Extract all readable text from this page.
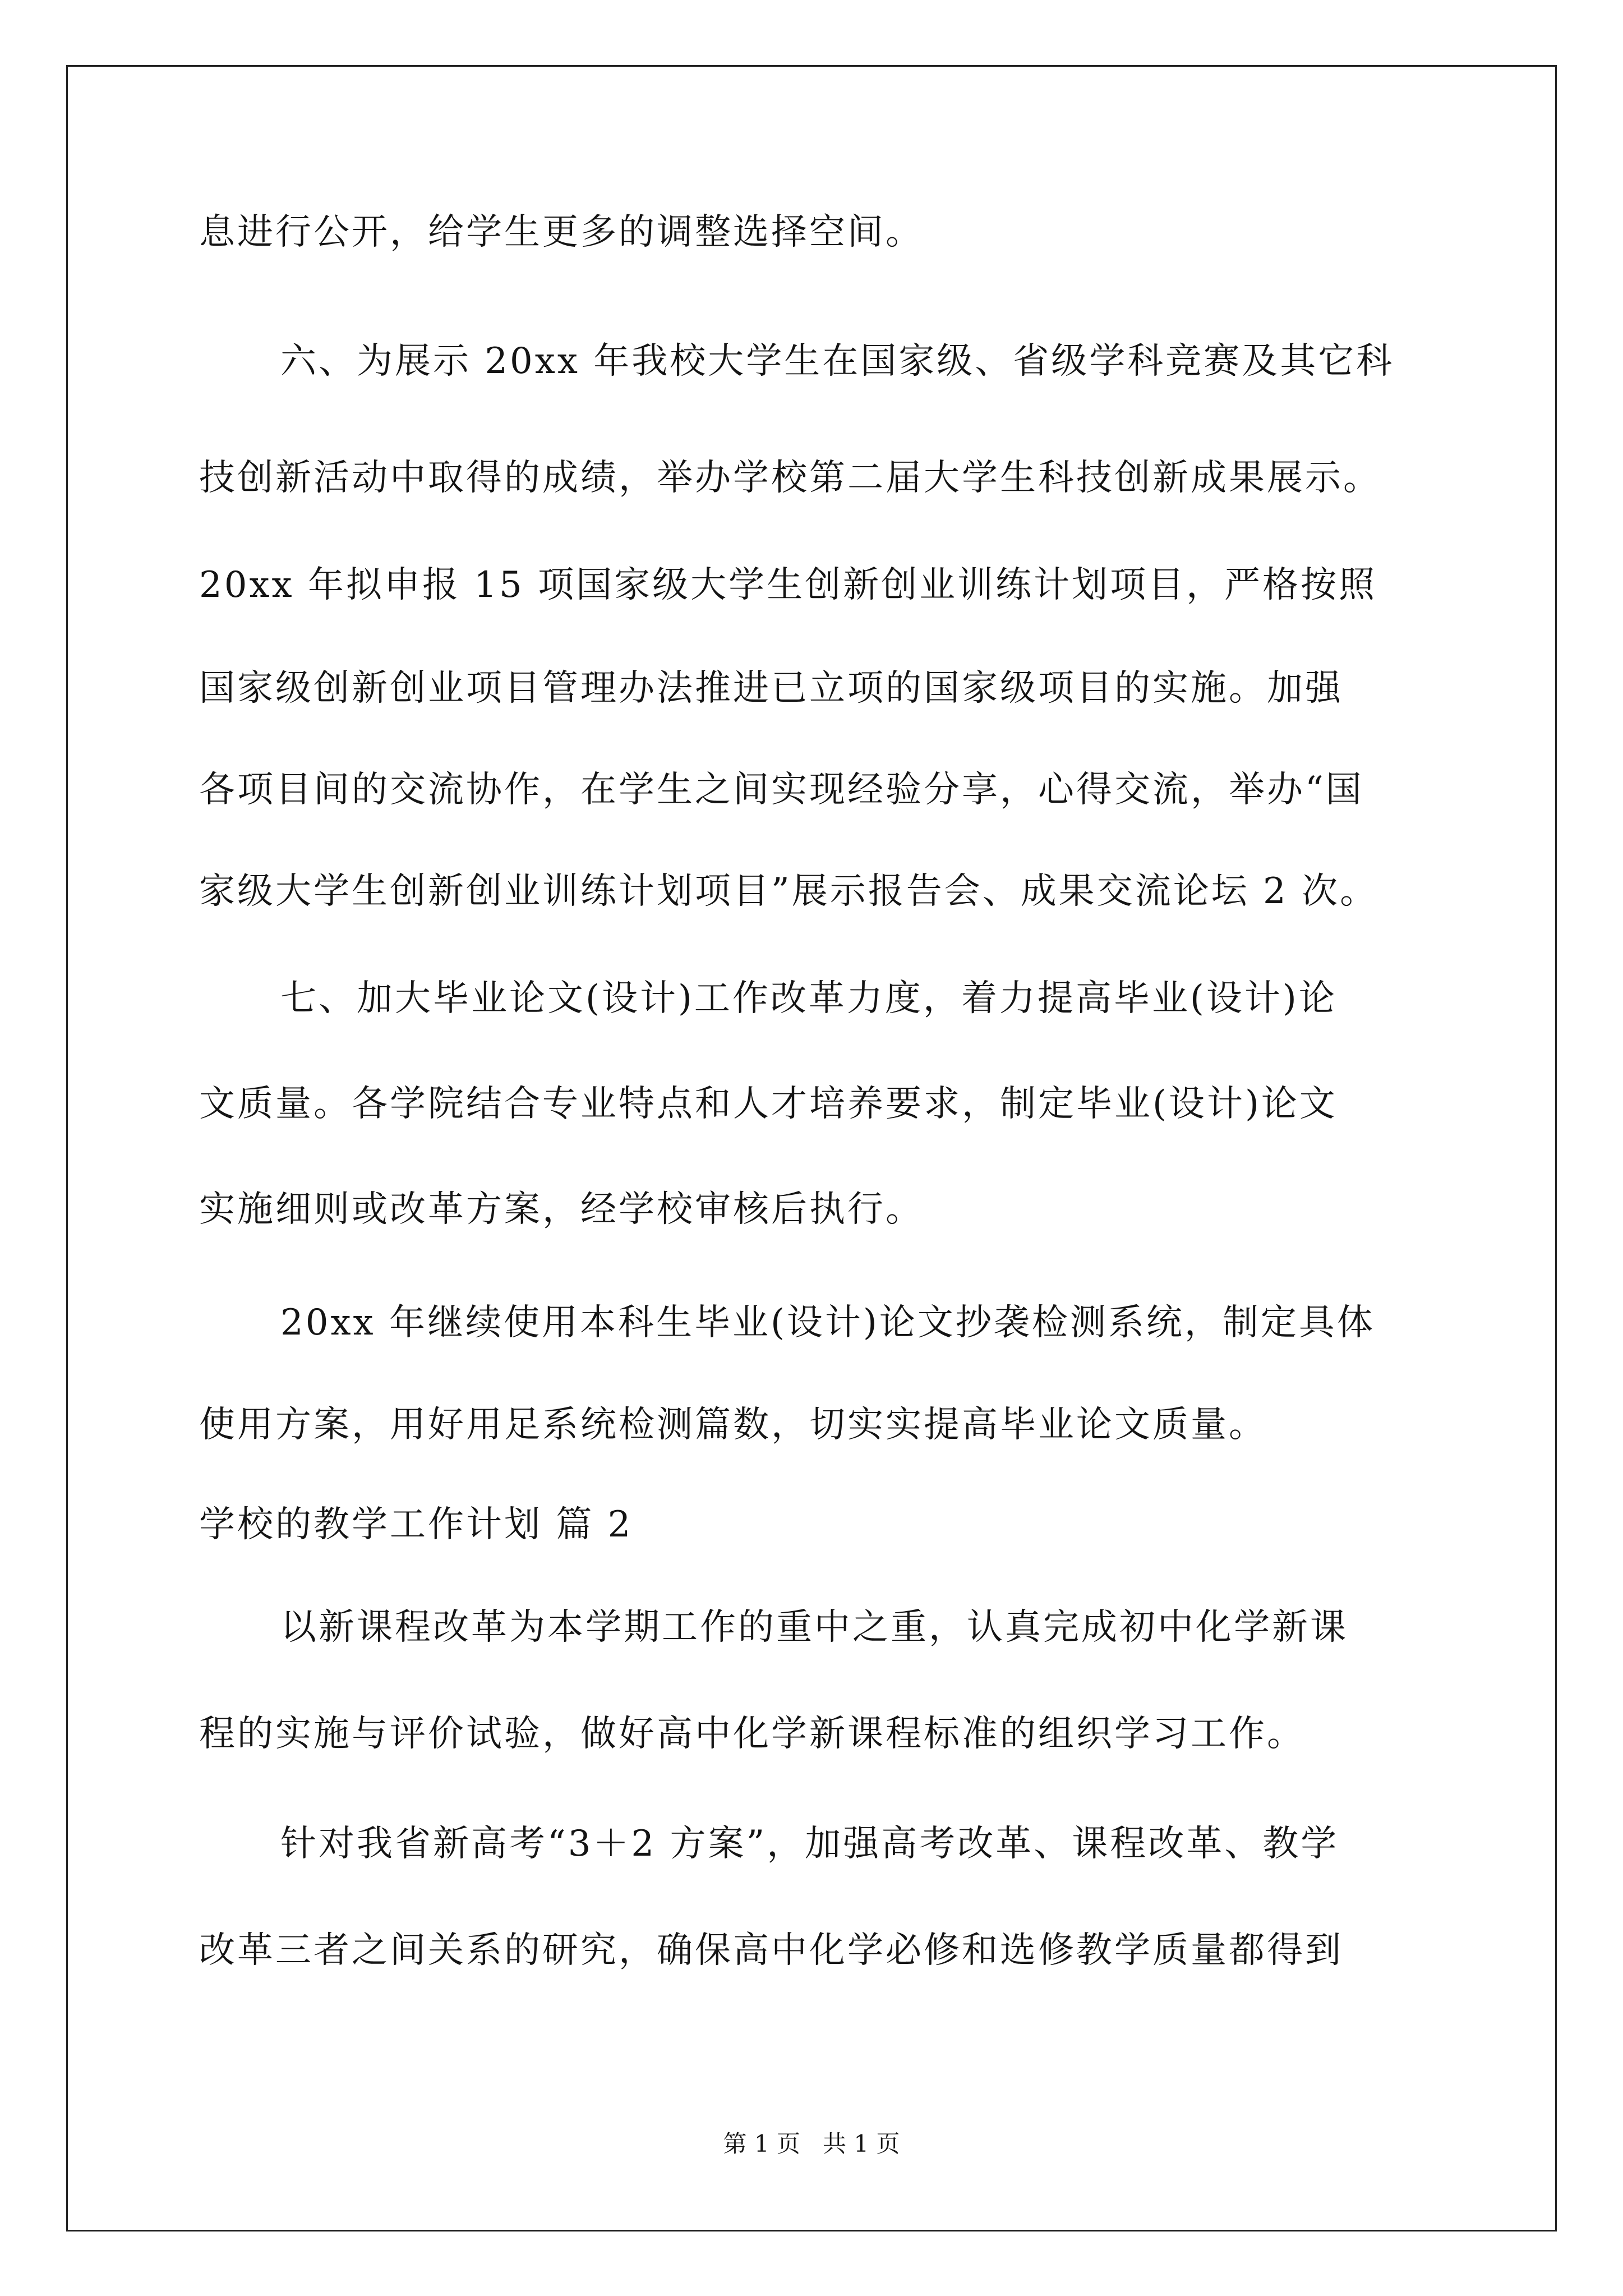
息进行公开，给学生更多的调整选择空间。
六、为展示 20xx 年我校大学生在国家级、省级学科竞赛及其它科
技创新活动中取得的成绩，举办学校第二届大学生科技创新成果展示。
20xx 年拟申报 15 项国家级大学生创新创业训练计划项目，严格按照
国家级创新创业项目管理办法推进已立项的国家级项目的实施。加强
各项目间的交流协作，在学生之间实现经验分享，心得交流，举办“国
家级大学生创新创业训练计划项目”展示报告会、成果交流论坛 2 次。
七、加大毕业论文(设计)工作改革力度，着力提高毕业(设计)论
文质量。各学院结合专业特点和人才培养要求，制定毕业(设计)论文
实施细则或改革方案，经学校审核后执行。
20xx 年继续使用本科生毕业(设计)论文抄袭检测系统，制定具体
使用方案，用好用足系统检测篇数，切实实提高毕业论文质量。
学校的教学工作计划 篇 2
以新课程改革为本学期工作的重中之重，认真完成初中化学新课
程的实施与评价试验，做好高中化学新课程标准的组织学习工作。
针对我省新高考“3＋2 方案”，加强高考改革、课程改革、教学
改革三者之间关系的研究，确保高中化学必修和选修教学质量都得到
第 1 页   共 1 页
